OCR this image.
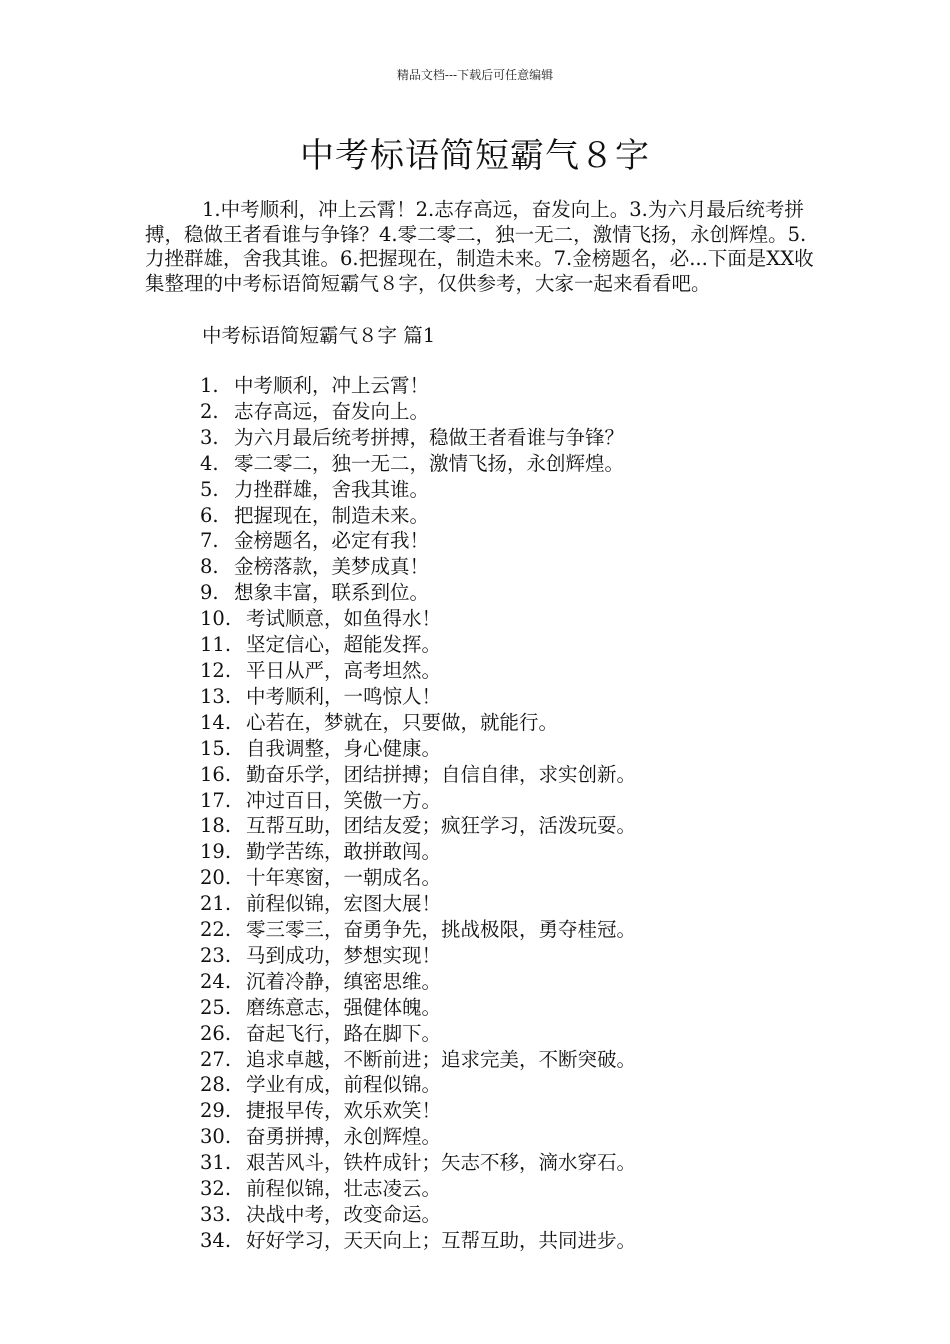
精品文档---下载后可任意编辑
中考标语简短霸气８字

1.中考顺利，冲上云霄！2.志存高远，奋发向上。3.为六月最后统考拼搏，稳做王者看谁与争锋？4.零二零二，独一无二，激情飞扬，永创辉煌。5.力挫群雄，舍我其谁。6.把握现在，制造未来。7.金榜题名，必...下面是XX收集整理的中考标语简短霸气８字，仅供参考，大家一起来看看吧。

中考标语简短霸气８字 篇1
1. 中考顺利，冲上云霄！
2. 志存高远，奋发向上。
3. 为六月最后统考拼搏，稳做王者看谁与争锋？
4. 零二零二，独一无二，激情飞扬，永创辉煌。
5. 力挫群雄，舍我其谁。
6. 把握现在，制造未来。
7. 金榜题名，必定有我！
8. 金榜落款，美梦成真！
9. 想象丰富，联系到位。
10. 考试顺意，如鱼得水！
11. 坚定信心，超能发挥。
12. 平日从严，高考坦然。
13. 中考顺利，一鸣惊人！
14. 心若在，梦就在，只要做，就能行。
15. 自我调整，身心健康。
16. 勤奋乐学，团结拼搏；自信自律，求实创新。
17. 冲过百日，笑傲一方。
18. 互帮互助，团结友爱；疯狂学习，活泼玩耍。
19. 勤学苦练，敢拼敢闯。
20. 十年寒窗，一朝成名。
21. 前程似锦，宏图大展！
22. 零三零三，奋勇争先，挑战极限，勇夺桂冠。
23. 马到成功，梦想实现！
24. 沉着冷静，缜密思维。
25. 磨练意志，强健体魄。
26. 奋起飞行，路在脚下。
27. 追求卓越，不断前进；追求完美，不断突破。
28. 学业有成，前程似锦。
29. 捷报早传，欢乐欢笑！
30. 奋勇拼搏，永创辉煌。
31. 艰苦风斗，铁杵成针；矢志不移，滴水穿石。
32. 前程似锦，壮志凌云。
33. 决战中考，改变命运。
34. 好好学习，天天向上；互帮互助，共同进步。
